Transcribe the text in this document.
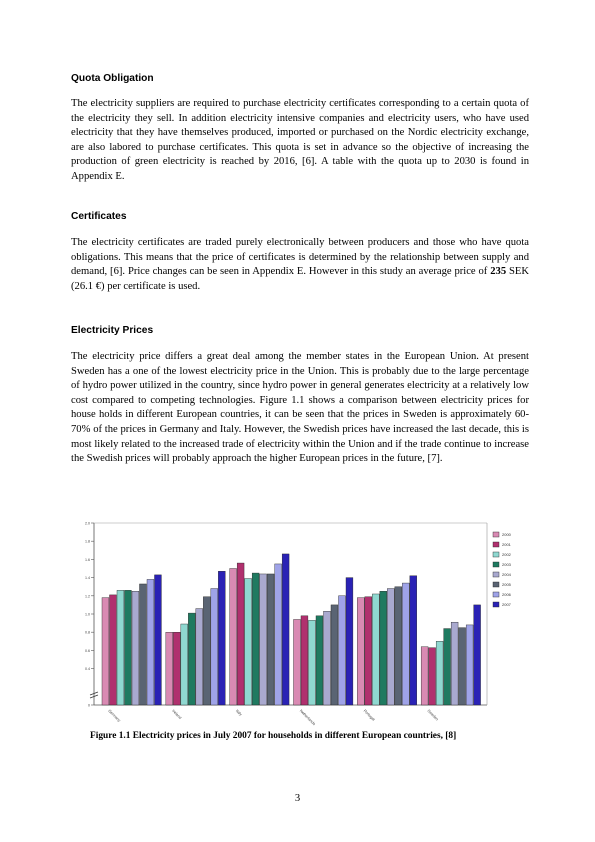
Quota Obligation

The electricity suppliers are required to purchase electricity certificates corresponding to a certain quota of the electricity they sell. In addition electricity intensive companies and electricity users, who have used electricity that they have themselves produced, imported or purchased on the Nordic electricity exchange, are also labored to purchase certificates. This quota is set in advance so the objective of increasing the production of green electricity is reached by 2016, [6]. A table with the quota up to 2030 is found in Appendix E.

Certificates

The electricity certificates are traded purely electronically between producers and those who have quota obligations. This means that the price of certificates is determined by the relationship between supply and demand, [6]. Price changes can be seen in Appendix E. However in this study an average price of 235 SEK (26.1 €) per certificate is used.

Electricity Prices

The electricity price differs a great deal among the member states in the European Union. At present Sweden has a one of the lowest electricity price in the Union. This is probably due to the large percentage of hydro power utilized in the country, since hydro power in general generates electricity at a relatively low cost compared to competing technologies. Figure 1.1 shows a comparison between electricity prices for house holds in different European countries, it can be seen that the prices in Sweden is approximately 60-70% of the prices in Germany and Italy. However, the Swedish prices have increased the last decade, this is most likely related to the increased trade of electricity within the Union and if the trade continue to increase the Swedish prices will probably approach the higher European prices in the future, [7].

0
0.4
0.6
0.8
1.0
1.2
1.4
1.6
1.8
2.0
Germany	Ireland	Italy	Netherlands	Portugal	Sweden
2000
2001
2002
2003
2004
2005
2006
2007

Figure 1.1 Electricity prices in July 2007 for households in different European countries, [8]

3
